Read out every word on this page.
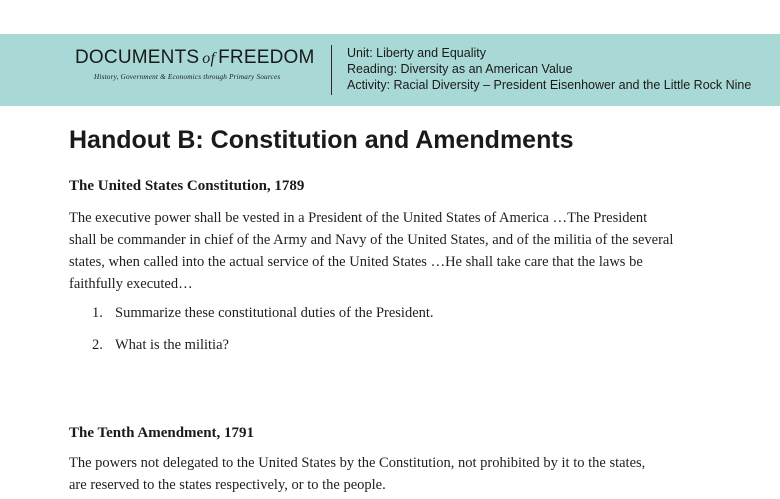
DOCUMENTS of FREEDOM
History, Government & Economics through Primary Sources
Unit: Liberty and Equality
Reading: Diversity as an American Value
Activity: Racial Diversity – President Eisenhower and the Little Rock Nine
Handout B: Constitution and Amendments
The United States Constitution, 1789
The executive power shall be vested in a President of the United States of America …The President
shall be commander in chief of the Army and Navy of the United States, and of the militia of the several
states, when called into the actual service of the United States …He shall take care that the laws be
faithfully executed…
1. Summarize these constitutional duties of the President.
2. What is the militia?
The Tenth Amendment, 1791
The powers not delegated to the United States by the Constitution, not prohibited by it to the states,
are reserved to the states respectively, or to the people.
